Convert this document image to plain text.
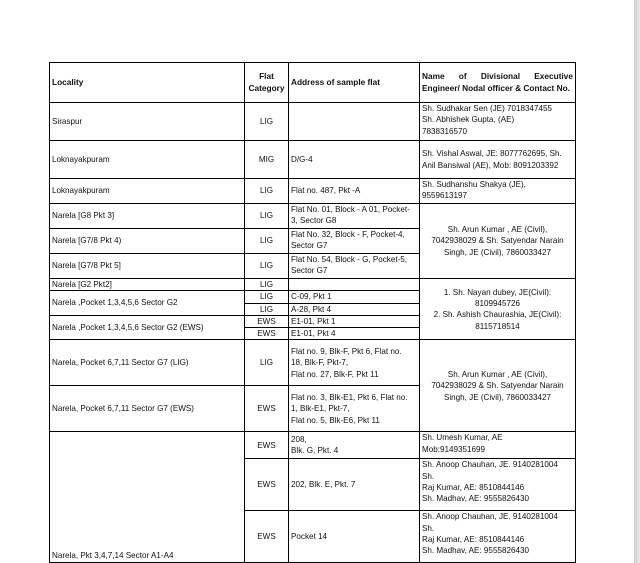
Locality	Flat Category	Address of sample flat	Name of Divisional Executive Engineer/ Nodal officer & Contact No.
Siraspur	LIG		Sh. Sudhakar Sen (JE) 7018347455
Sh. Abhishek Gupta, (AE)
7838316570

Loknayakpuram	MIG	D/G-4	Sh. Vishal Aswal, JE: 8077762695, Sh.
Anil Bansiwal (AE), Mob: 8091203392

Loknayakpuram	LIG	Flat no. 487, Pkt -A	Sh. Sudhanshu Shakya (JE),
9559613197

Narela [G8 Pkt 3]	LIG	Flat No. 01, Block - A 01, Pocket-
3, Sector G8	Sh. Arun Kumar , AE (Civil),
7042938029 & Sh. Satyendar Narain
Singh, JE (Civil), 7860033427

Narela [G7/8 Pkt 4)	LIG	Flat No. 32, Block - F, Pocket-4,
Sector G7	

Narela [G7/8 Pkt 5]	LIG	Flat No. 54, Block - G, Pocket-5,
Sector G7	

Narela [G2 Pkt2]	LIG		1. Sh. Nayan dubey, JE(Civil):
8109945726
2. Sh. Ashish Chaurashia, JE(Civil):
8115718514

Narela ,Pocket 1,3,4,5,6 Sector G2	LIG	C-09, Pkt 1	
	LIG	A-28, Pkt 4	
Narela ,Pocket 1,3,4,5,6 Sector G2 (EWS)	EWS	E1-01, Pkt 1	
	EWS	E1-01, Pkt 4	
Narela, Pocket 6,7,11 Sector G7 (LIG)	LIG	Flat no. 9, Blk-F, Pkt 6, Flat no.
18, Blk-F, Pkt-7,
Flat no. 27, Blk-F, Pkt 11	Sh. Arun Kumar , AE (Civil),
7042938029 & Sh. Satyendar Narain
Singh, JE (Civil), 7860033427

Narela, Pocket 6,7,11 Sector G7 (EWS)	EWS	Flat no. 3, Blk-E1, Pkt 6, Flat no.
1, Blk-E1, Pkt-7,
Flat no. 5, Blk-E6, Pkt 11	

Narela, Pkt 3,4,7,14 Sector A1-A4	EWS	208,
Blk. G, Pkt. 4	Sh. Umesh Kumar, AE
Mob:9149351699

	EWS	202, Blk. E, Pkt. 7	Sh. Anoop Chauhan, JE. 9140281004
Sh.
Raj Kumar, AE: 8510844146
Sh. Madhav, AE: 9555826430

	EWS	Pocket 14	Sh. Anoop Chauhan, JE. 9140281004
Sh.
Raj Kumar, AE: 8510844146
Sh. Madhav, AE: 9555826430
